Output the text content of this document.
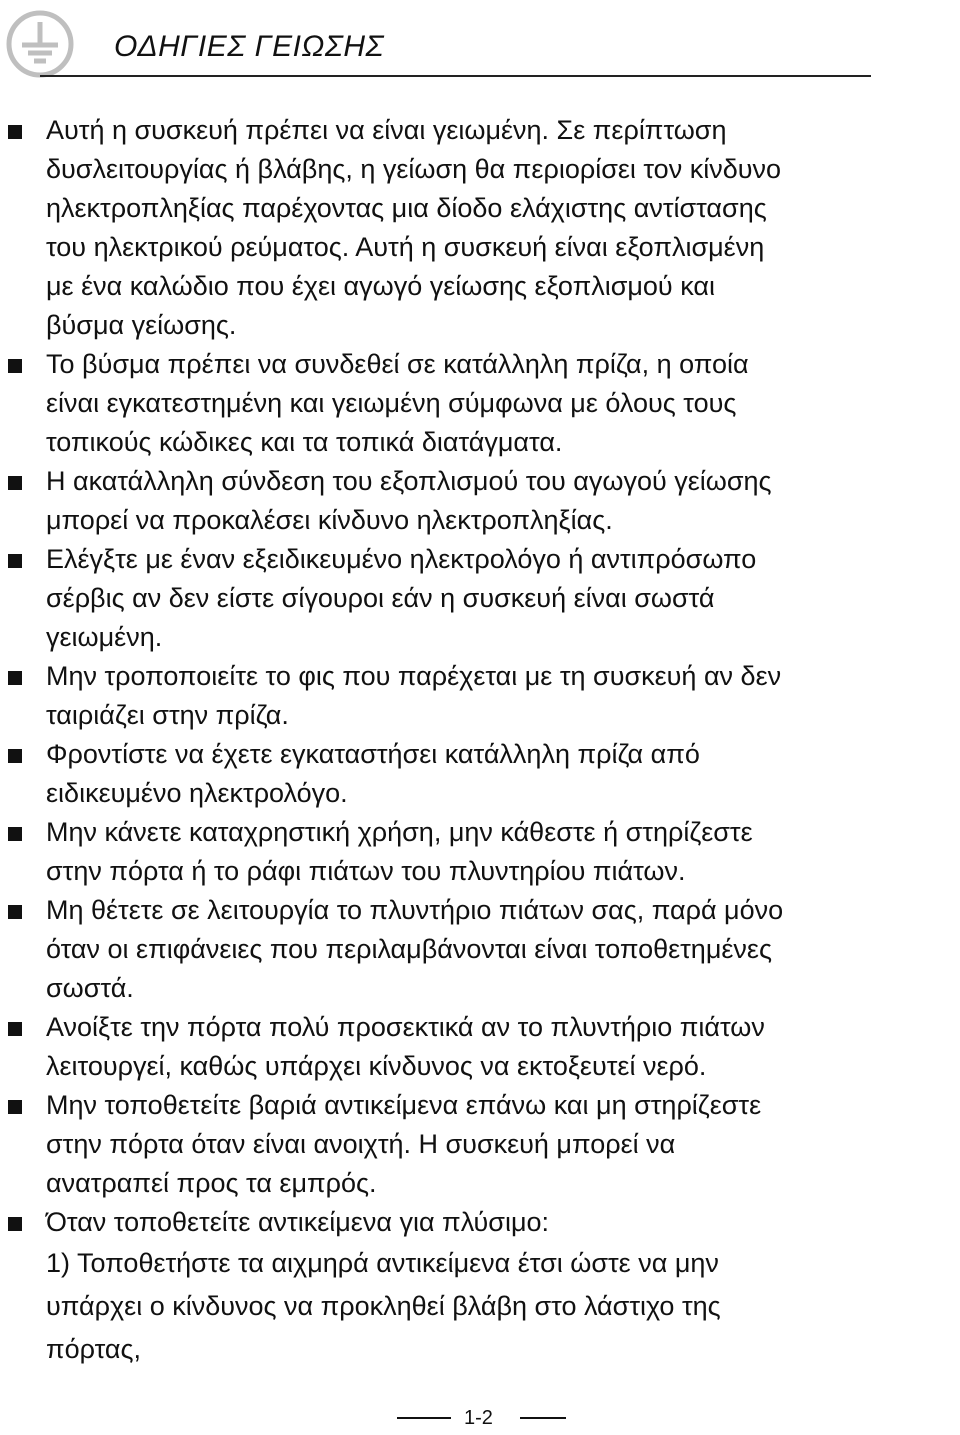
ΟΔΗΓΙΕΣ ΓΕΙΩΣΗΣ
Αυτή η συσκευή πρέπει να είναι γειωμένη. Σε περίπτωση
δυσλειτουργίας ή βλάβης, η γείωση θα περιορίσει τον κίνδυνο
ηλεκτροπληξίας παρέχοντας μια δίοδο ελάχιστης αντίστασης
του ηλεκτρικού ρεύματος. Αυτή η συσκευή είναι εξοπλισμένη
με ένα καλώδιο που έχει αγωγό γείωσης εξοπλισμού και
βύσμα γείωσης.
Το βύσμα πρέπει να συνδεθεί σε κατάλληλη πρίζα, η οποία
είναι εγκατεστημένη και γειωμένη σύμφωνα με όλους τους
τοπικούς κώδικες και τα τοπικά διατάγματα.
Η ακατάλληλη σύνδεση του εξοπλισμού του αγωγού γείωσης
μπορεί να προκαλέσει κίνδυνο ηλεκτροπληξίας.
Ελέγξτε με έναν εξειδικευμένο ηλεκτρολόγο ή αντιπρόσωπο
σέρβις αν δεν είστε σίγουροι εάν η συσκευή είναι σωστά
γειωμένη.
Μην τροποποιείτε το φις που παρέχεται με τη συσκευή αν δεν
ταιριάζει στην πρίζα.
Φροντίστε να έχετε εγκαταστήσει κατάλληλη πρίζα από
ειδικευμένο ηλεκτρολόγο.
Μην κάνετε καταχρηστική χρήση, μην κάθεστε ή στηρίζεστε
στην πόρτα ή το ράφι πιάτων του πλυντηρίου πιάτων.
Μη θέτετε σε λειτουργία το πλυντήριο πιάτων σας, παρά μόνο
όταν οι επιφάνειες που περιλαμβάνονται είναι τοποθετημένες
σωστά.
Ανοίξτε την πόρτα πολύ προσεκτικά αν το πλυντήριο πιάτων
λειτουργεί, καθώς υπάρχει κίνδυνος να εκτοξευτεί νερό.
Μην τοποθετείτε βαριά αντικείμενα επάνω και μη στηρίζεστε
στην πόρτα όταν είναι ανοιχτή. Η συσκευή μπορεί να
ανατραπεί προς τα εμπρός.
Όταν τοποθετείτε αντικείμενα για πλύσιμο:
1) Τοποθετήστε τα αιχμηρά αντικείμενα έτσι ώστε να μην
υπάρχει ο κίνδυνος να προκληθεί βλάβη στο λάστιχο της
πόρτας,
1-2
